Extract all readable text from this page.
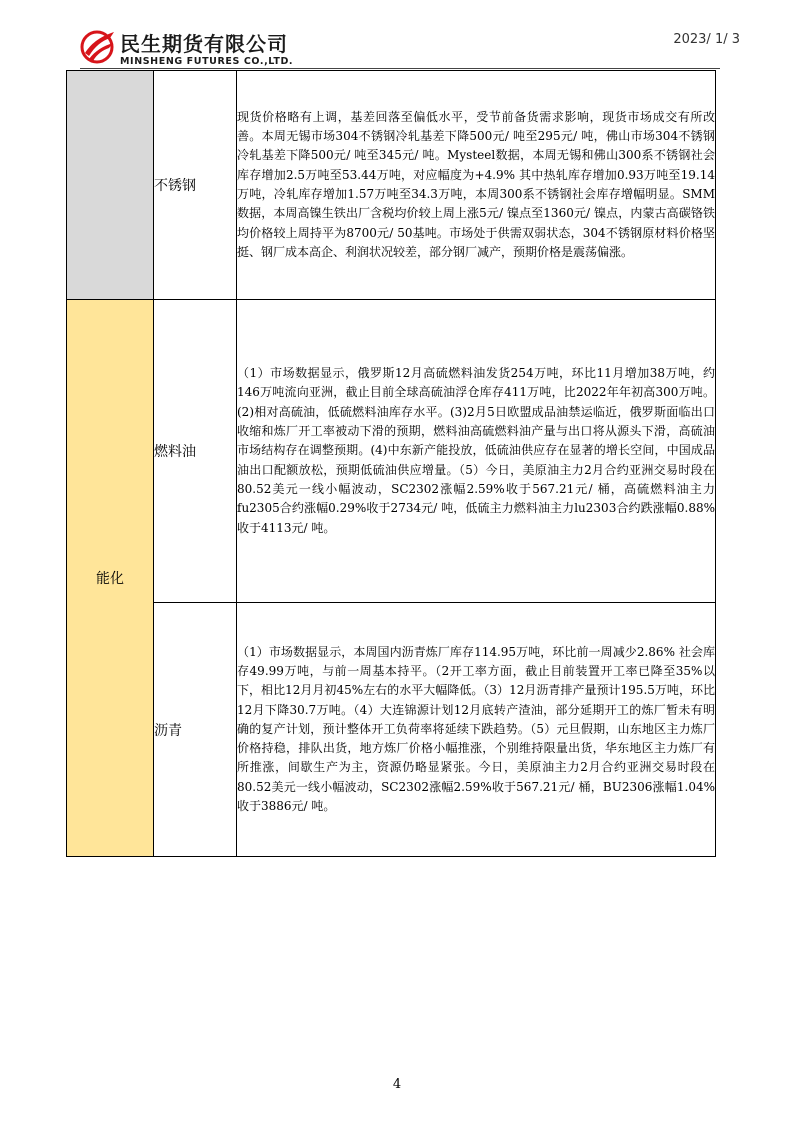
民生期货有限公司
MINSHENG FUTURES CO.,LTD.
2023/ 1/ 3
	不锈钢	现货价格略有上调，基差回落至偏低水平，受节前备货需求影响，现货市场成交有所改善。本周无锡市场304不锈钢冷轧基差下降500元/ 吨至295元/ 吨，佛山市场304不锈钢冷轧基差下降500元/ 吨至345元/ 吨。Mysteel数据，本周无锡和佛山300系不锈钢社会库存增加2.5万吨至53.44万吨，对应幅度为+4.9% 其中热轧库存增加0.93万吨至19.14万吨，冷轧库存增加1.57万吨至34.3万吨，本周300系不锈钢社会库存增幅明显。SMM数据，本周高镍生铁出厂含税均价较上周上涨5元/ 镍点至1360元/ 镍点，内蒙古高碳铬铁均价格较上周持平为8700元/ 50基吨。市场处于供需双弱状态，304不锈钢原材料价格坚挺、钢厂成本高企、利润状况较差，部分钢厂减产，预期价格是震荡偏涨。
能化	燃料油	（1）市场数据显示，俄罗斯12月高硫燃料油发货254万吨，环比11月增加38万吨，约146万吨流向亚洲，截止目前全球高硫油浮仓库存411万吨，比2022年年初高300万吨。(2)相对高硫油，低硫燃料油库存水平。(3)2月5日欧盟成品油禁运临近，俄罗斯面临出口收缩和炼厂开工率被动下滑的预期，燃料油高硫燃料油产量与出口将从源头下滑，高硫油市场结构存在调整预期。(4)中东新产能投放，低硫油供应存在显著的增长空间，中国成品油出口配额放松，预期低硫油供应增量。（5）今日，美原油主力2月合约亚洲交易时段在80.52美元一线小幅波动，SC2302涨幅2.59%收于567.21元/ 桶，高硫燃料油主力fu2305合约涨幅0.29%收于2734元/ 吨，低硫主力燃料油主力lu2303合约跌涨幅0.88%收于4113元/ 吨。
	沥青	（1）市场数据显示，本周国内沥青炼厂库存114.95万吨，环比前一周减少2.86% 社会库存49.99万吨，与前一周基本持平。（2开工率方面，截止目前装置开工率已降至35%以下，相比12月月初45%左右的水平大幅降低。（3）12月沥青排产量预计195.5万吨，环比12月下降30.7万吨。（4）大连锦源计划12月底转产渣油，部分延期开工的炼厂暂未有明确的复产计划，预计整体开工负荷率将延续下跌趋势。（5）元旦假期，山东地区主力炼厂价格持稳，排队出货，地方炼厂价格小幅推涨，个别维持限量出货，华东地区主力炼厂有所推涨，间歇生产为主，资源仍略显紧张。今日，美原油主力2月合约亚洲交易时段在80.52美元一线小幅波动，SC2302涨幅2.59%收于567.21元/ 桶，BU2306涨幅1.04%收于3886元/ 吨。
4
